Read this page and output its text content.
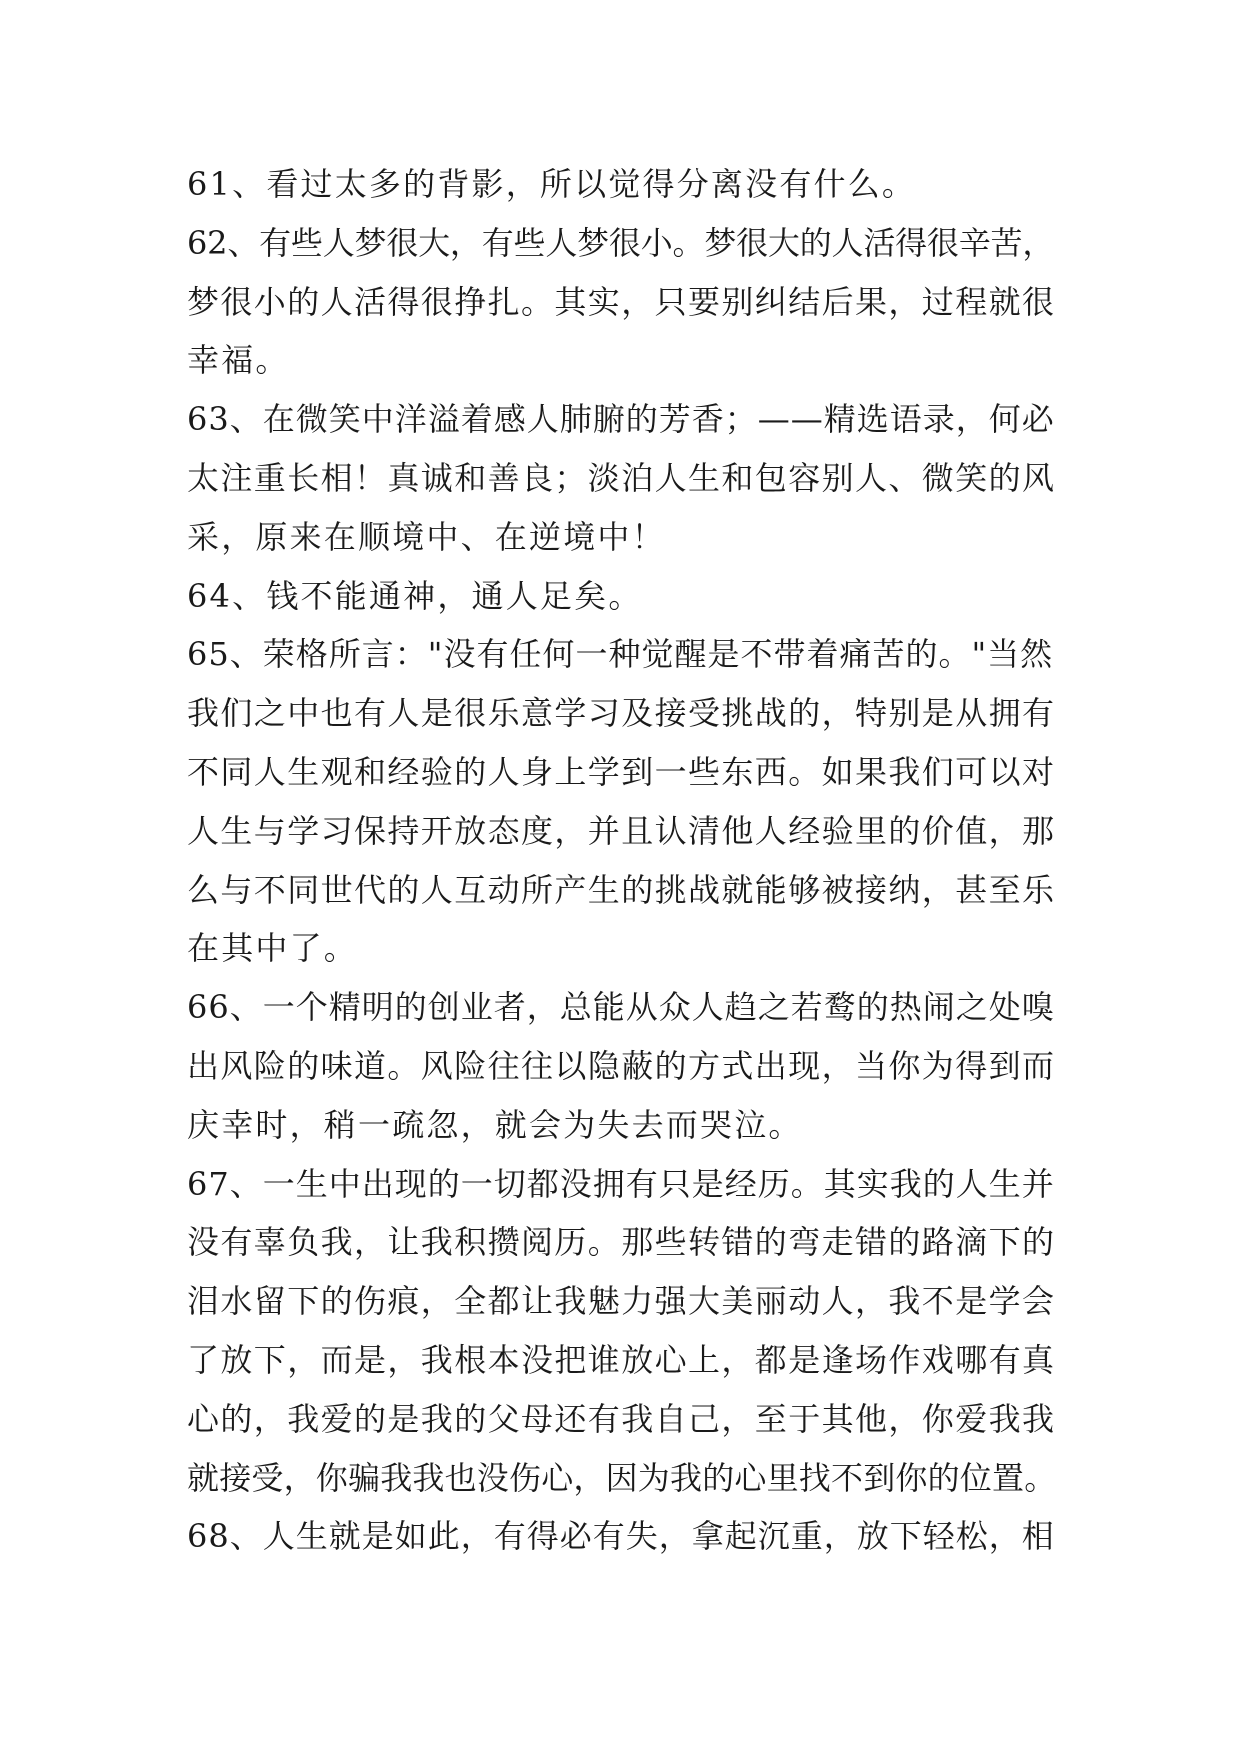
61、看过太多的背影，所以觉得分离没有什么。
62、有些人梦很大，有些人梦很小。梦很大的人活得很辛苦，
梦很小的人活得很挣扎。其实，只要别纠结后果，过程就很
幸福。
63、在微笑中洋溢着感人肺腑的芳香；——精选语录，何必
太注重长相！真诚和善良；淡泊人生和包容别人、微笑的风
采，原来在顺境中、在逆境中！
64、钱不能通神，通人足矣。
65、荣格所言："没有任何一种觉醒是不带着痛苦的。"当然
我们之中也有人是很乐意学习及接受挑战的，特别是从拥有
不同人生观和经验的人身上学到一些东西。如果我们可以对
人生与学习保持开放态度，并且认清他人经验里的价值，那
么与不同世代的人互动所产生的挑战就能够被接纳，甚至乐
在其中了。
66、一个精明的创业者，总能从众人趋之若鹜的热闹之处嗅
出风险的味道。风险往往以隐蔽的方式出现，当你为得到而
庆幸时，稍一疏忽，就会为失去而哭泣。
67、一生中出现的一切都没拥有只是经历。其实我的人生并
没有辜负我，让我积攒阅历。那些转错的弯走错的路滴下的
泪水留下的伤痕，全都让我魅力强大美丽动人，我不是学会
了放下，而是，我根本没把谁放心上，都是逢场作戏哪有真
心的，我爱的是我的父母还有我自己，至于其他，你爱我我
就接受，你骗我我也没伤心，因为我的心里找不到你的位置。
68、人生就是如此，有得必有失，拿起沉重，放下轻松，相
